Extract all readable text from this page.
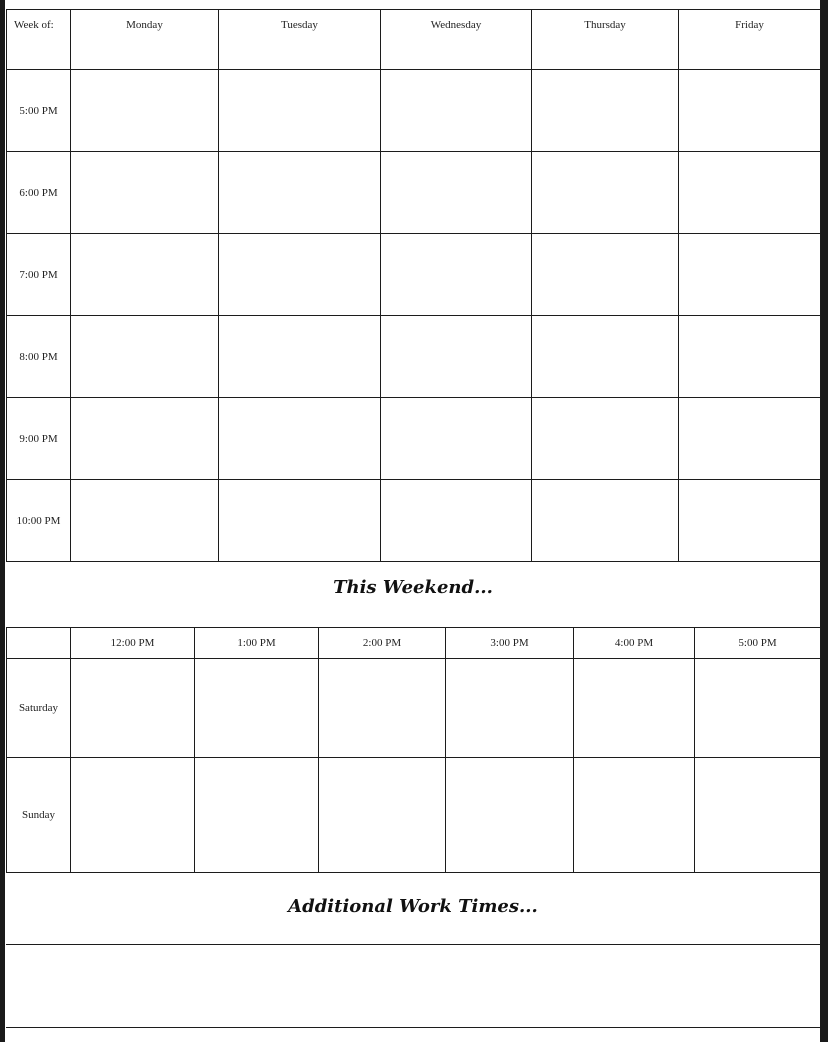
Week of:	Monday	Tuesday	Wednesday	Thursday	Friday
5:00 PM					
6:00 PM					
7:00 PM					
8:00 PM					
9:00 PM					
10:00 PM					
This Weekend...
	12:00 PM	1:00 PM	2:00 PM	3:00 PM	4:00 PM	5:00 PM
Saturday						
Sunday						
Additional Work Times...
